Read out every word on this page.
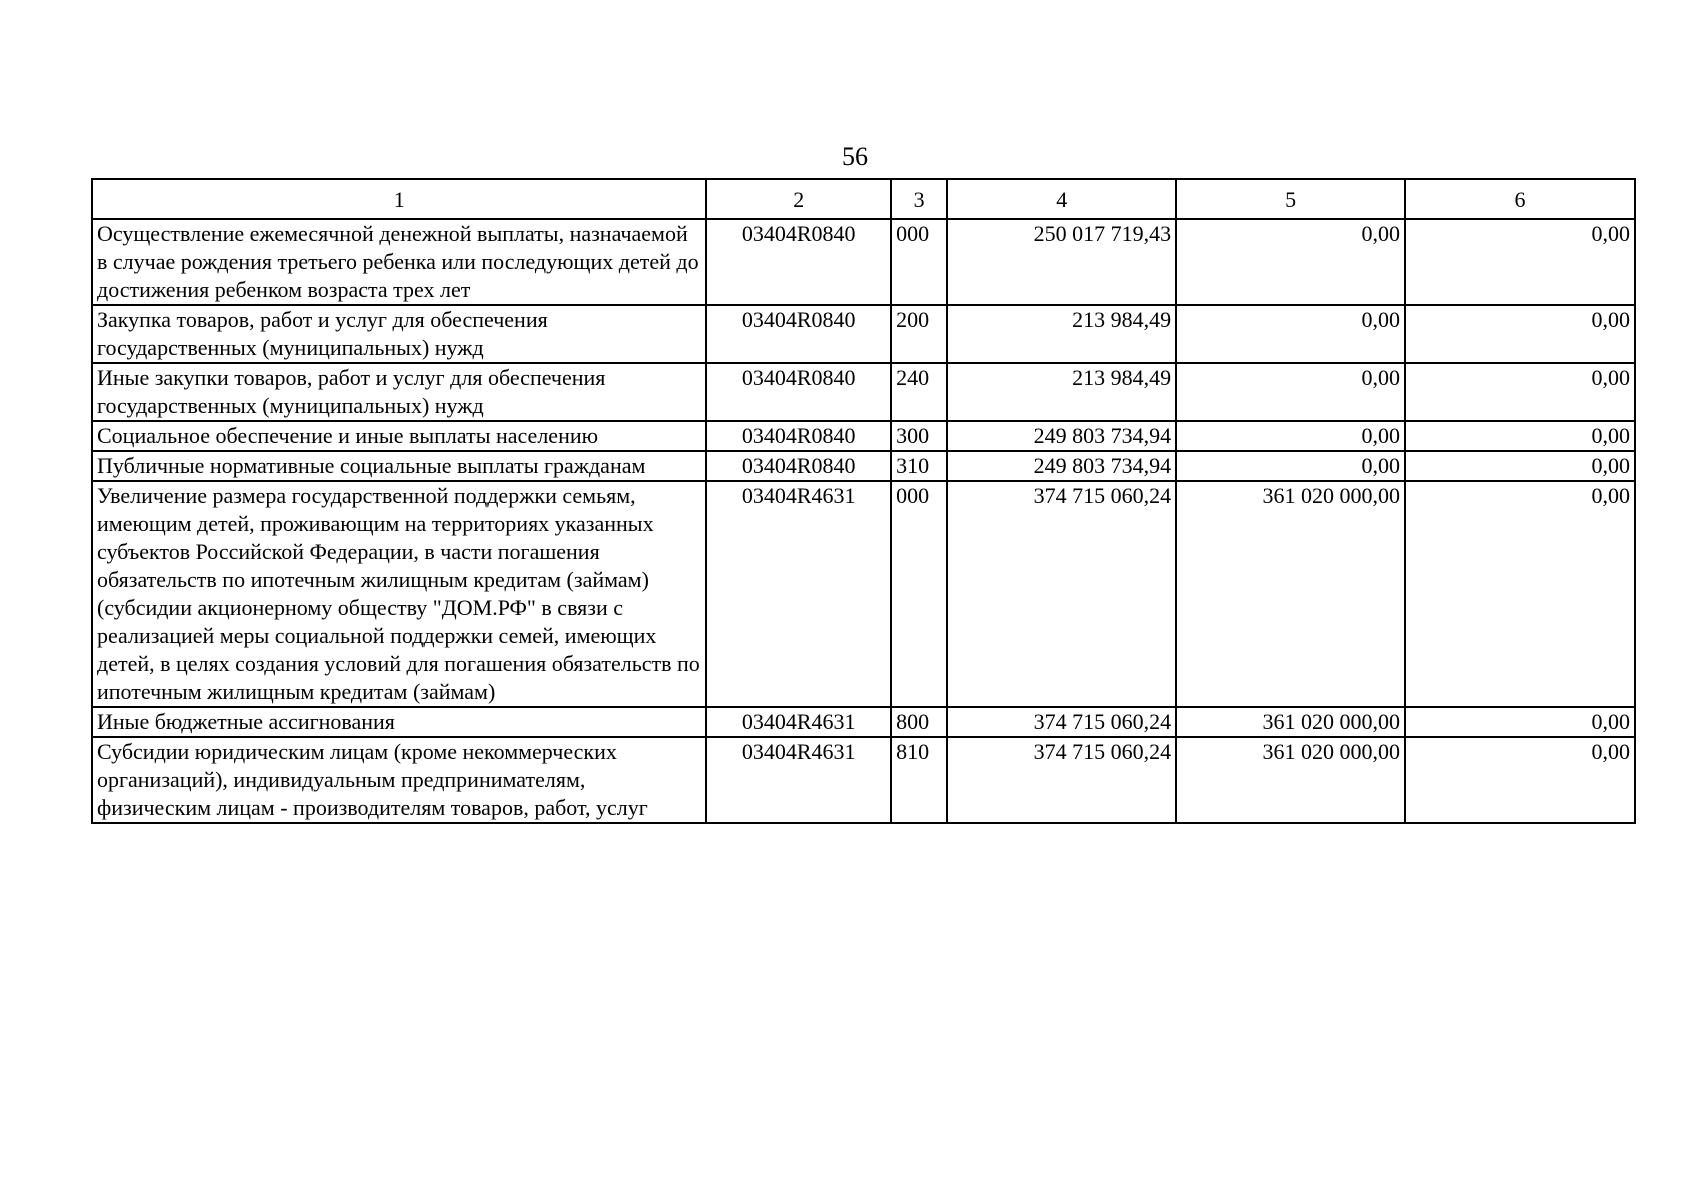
56
1	2	3	4	5	6
Осуществление ежемесячной денежной выплаты, назначаемой в случае рождения третьего ребенка или последующих детей до достижения ребенком возраста трех лет	03404R0840	000	250 017 719,43	0,00	0,00
Закупка товаров, работ и услуг для обеспечения государственных (муниципальных) нужд	03404R0840	200	213 984,49	0,00	0,00
Иные закупки товаров, работ и услуг для обеспечения государственных (муниципальных) нужд	03404R0840	240	213 984,49	0,00	0,00
Социальное обеспечение и иные выплаты населению	03404R0840	300	249 803 734,94	0,00	0,00
Публичные нормативные социальные выплаты гражданам	03404R0840	310	249 803 734,94	0,00	0,00
Увеличение размера государственной поддержки семьям, имеющим детей, проживающим на территориях указанных субъектов Российской Федерации, в части погашения обязательств по ипотечным жилищным кредитам (займам) (субсидии акционерному обществу "ДОМ.РФ" в связи с реализацией меры социальной поддержки семей, имеющих детей, в целях создания условий для погашения обязательств по ипотечным жилищным кредитам (займам)	03404R4631	000	374 715 060,24	361 020 000,00	0,00
Иные бюджетные ассигнования	03404R4631	800	374 715 060,24	361 020 000,00	0,00
Субсидии юридическим лицам (кроме некоммерческих организаций), индивидуальным предпринимателям, физическим лицам - производителям товаров, работ, услуг	03404R4631	810	374 715 060,24	361 020 000,00	0,00
